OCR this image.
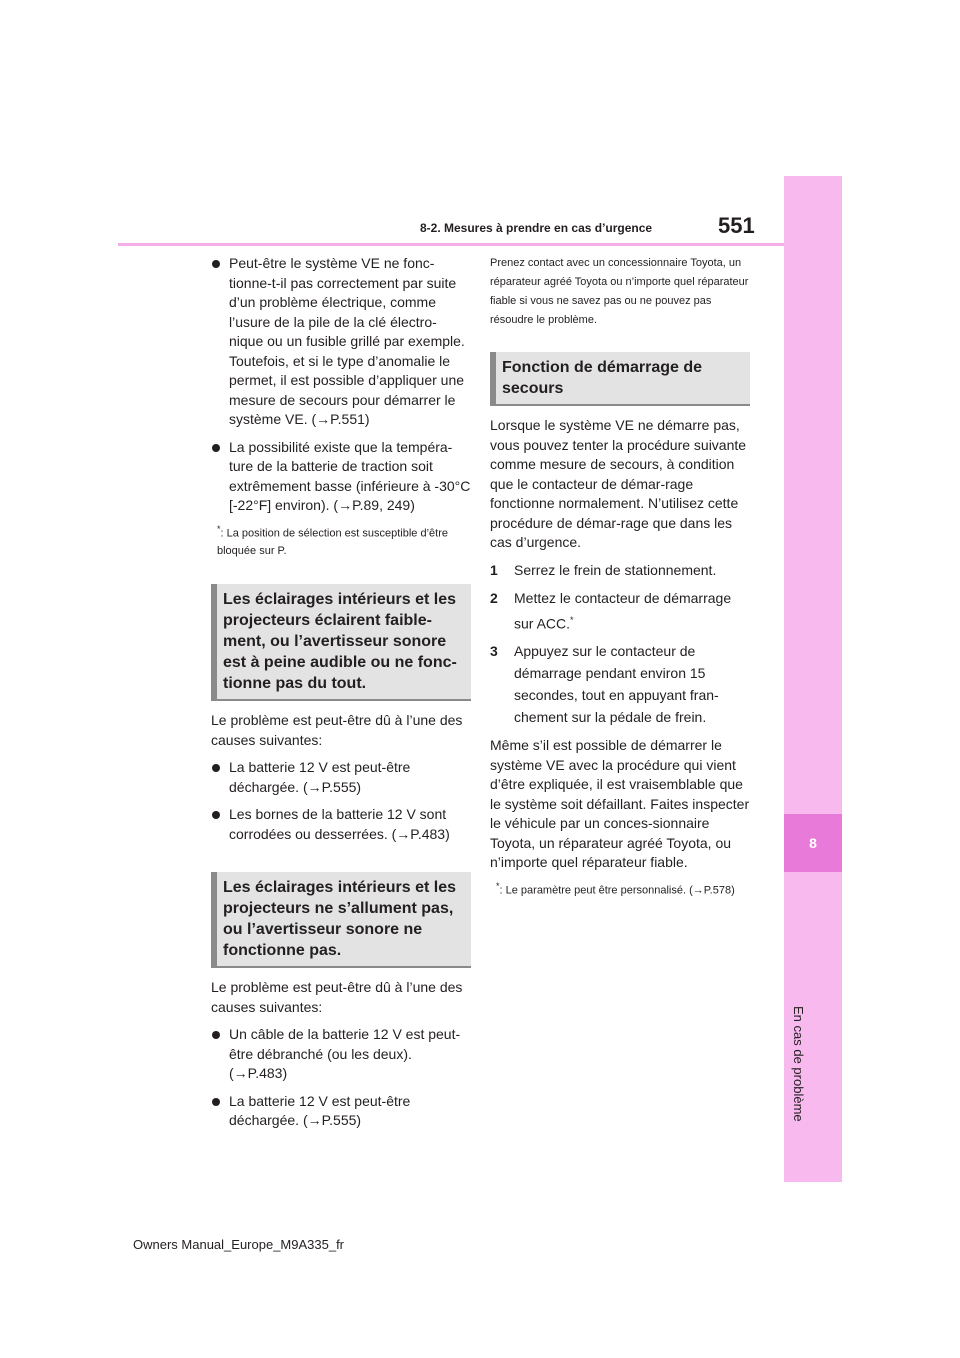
8
En cas de problème
551
8-2. Mesures à prendre en cas d’urgence

Peut-être le système VE ne fonc-tionne-t-il pas correctement par suite d’un problème électrique, comme l’usure de la pile de la clé électro-nique ou un fusible grillé par exemple. Toutefois, et si le type d’anomalie le permet, il est possible d’appliquer une mesure de secours pour démarrer le système VE. (→P.551)

La possibilité existe que la tempéra-ture de la batterie de traction soit extrêmement basse (inférieure à -30°C [-22°F] environ). (→P.89, 249)

*: La position de sélection est susceptible d’être bloquée sur P.

Les éclairages intérieurs et les projecteurs éclairent faible-ment, ou l’avertisseur sonore est à peine audible ou ne fonc-tionne pas du tout.

Le problème est peut-être dû à l’une des causes suivantes:

La batterie 12 V est peut-être déchargée. (→P.555)

Les bornes de la batterie 12 V sont corrodées ou desserrées. (→P.483)

Les éclairages intérieurs et les projecteurs ne s’allument pas, ou l’avertisseur sonore ne fonctionne pas.

Le problème est peut-être dû à l’une des causes suivantes:

Un câble de la batterie 12 V est peut-être débranché (ou les deux). (→P.483)

La batterie 12 V est peut-être déchargée. (→P.555)

Prenez contact avec un concessionnaire Toyota, un réparateur agréé Toyota ou n’importe quel réparateur fiable si vous ne savez pas ou ne pouvez pas résoudre le problème.

Fonction de démarrage de secours

Lorsque le système VE ne démarre pas, vous pouvez tenter la procédure suivante comme mesure de secours, à condition que le contacteur de démar-rage fonctionne normalement. N’utilisez cette procédure de démar-rage que dans les cas d’urgence.

1 Serrez le frein de stationnement.
2 Mettez le contacteur de démarrage sur ACC.*
3 Appuyez sur le contacteur de démarrage pendant environ 15 secondes, tout en appuyant fran-chement sur la pédale de frein.

Même s’il est possible de démarrer le système VE avec la procédure qui vient d’être expliquée, il est vraisemblable que le système soit défaillant. Faites inspecter le véhicule par un conces-sionnaire Toyota, un réparateur agréé Toyota, ou n’importe quel réparateur fiable.

*: Le paramètre peut être personnalisé. (→P.578)

Owners Manual_Europe_M9A335_fr
